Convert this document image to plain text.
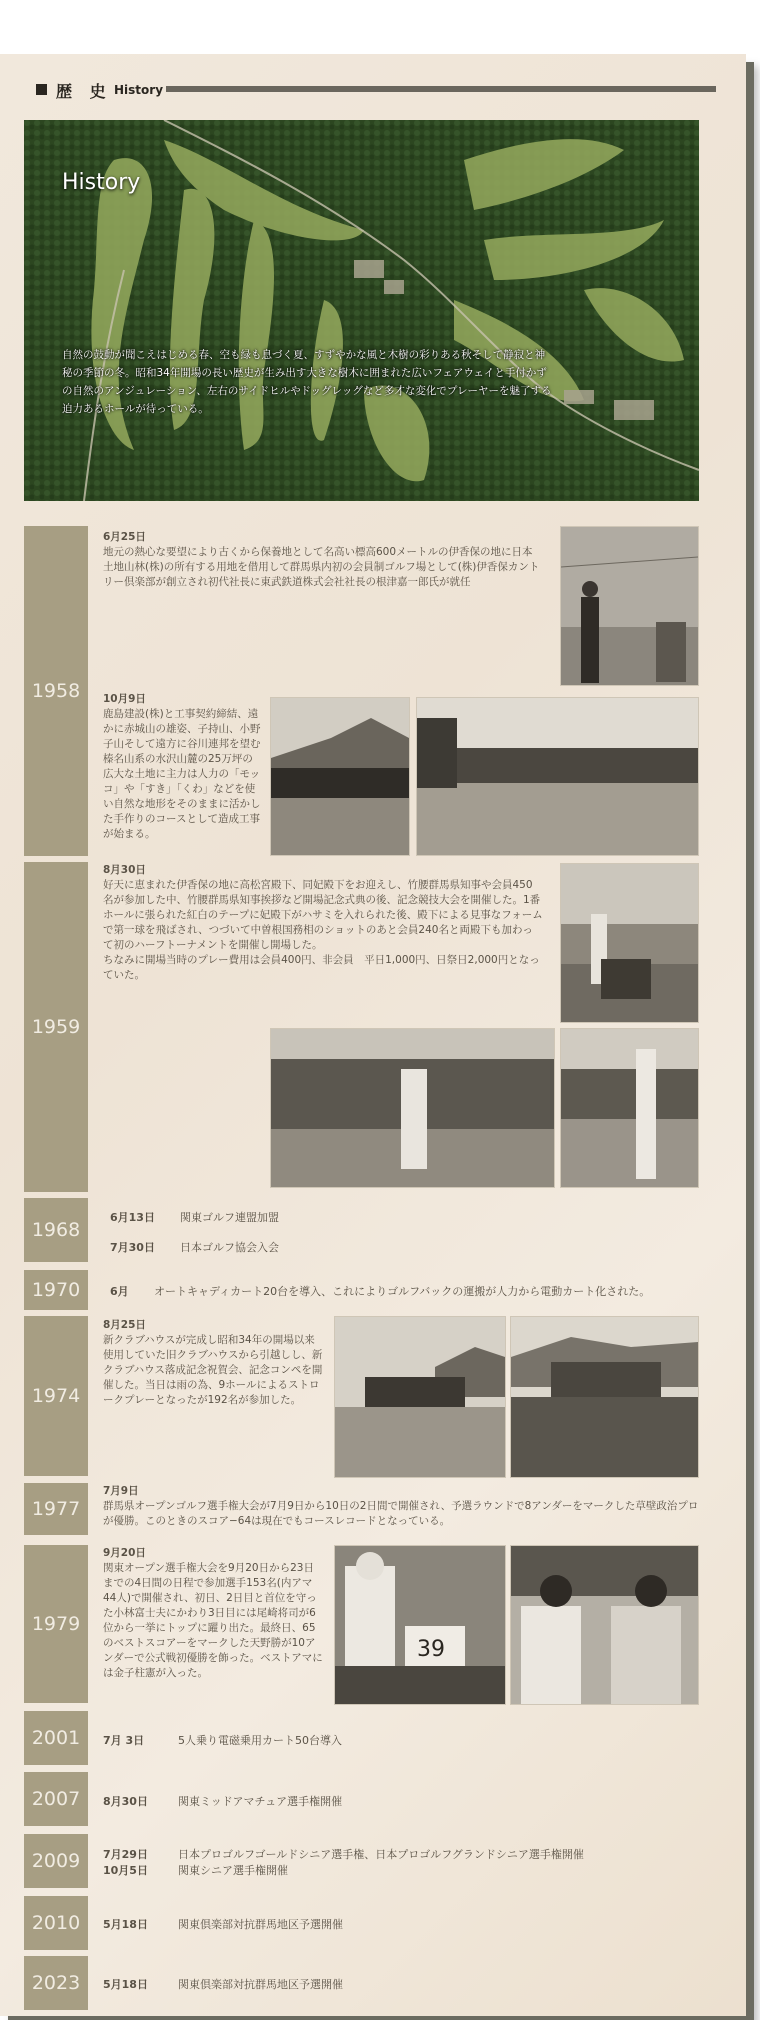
歴 史 History
History
自然の鼓動が聞こえはじめる春、空も緑も息づく夏、すずやかな風と木樹の彩りある秋そして静寂と神秘の季節の冬。昭和34年開場の長い歴史が生み出す大きな樹木に囲まれた広いフェアウェイと手付かずの自然のアンジュレーション、左右のサイドヒルやドッグレッグなど多才な変化でプレーヤーを魅了する迫力あるホールが待っている。
1958
6月25日
地元の熱心な要望により古くから保養地として名高い標高600メートルの伊香保の地に日本土地山林(株)の所有する用地を借用して群馬県内初の会員制ゴルフ場として(株)伊香保カントリー倶楽部が創立され初代社長に東武鉄道株式会社社長の根津嘉一郎氏が就任
10月9日
鹿島建設(株)と工事契約締結、遠かに赤城山の雄姿、子持山、小野子山そして遠方に谷川連邦を望む榛名山系の水沢山麓の25万坪の広大な土地に主力は人力の「モッコ」や「すき」「くわ」などを使い自然な地形をそのままに活かした手作りのコースとして造成工事が始まる。
1959
8月30日
好天に恵まれた伊香保の地に高松宮殿下、同妃殿下をお迎えし、竹腰群馬県知事や会員450名が参加した中、竹腰群馬県知事挨拶など開場記念式典の後、記念競技大会を開催した。1番ホールに張られた紅白のテープに妃殿下がハサミを入れられた後、殿下による見事なフォームで第一球を飛ばされ、つづいて中曽根国務相のショットのあと会員240名と両殿下も加わって初のハーフトーナメントを開催し開場した。
ちなみに開場当時のプレー費用は会員400円、非会員　平日1,000円、日祭日2,000円となっていた。
1968
6月13日 関東ゴルフ連盟加盟
7月30日 日本ゴルフ協会入会
1970	6月 オートキャディカート20台を導入、これによりゴルフバックの運搬が人力から電動カート化された。
1974
8月25日
新クラブハウスが完成し昭和34年の開場以来使用していた旧クラブハウスから引越しし、新クラブハウス落成記念祝賀会、記念コンペを開催した。当日は雨の為、9ホールによるストロークプレーとなったが192名が参加した。
1977
7月9日
群馬県オープンゴルフ選手権大会が7月9日から10日の2日間で開催され、予選ラウンドで8アンダーをマークした草壁政治プロが優勝。このときのスコア−64は現在でもコースレコードとなっている。
1979
9月20日
関東オープン選手権大会を9月20日から23日までの4日間の日程で参加選手153名(内アマ44人)で開催され、初日、2日目と首位を守った小林富士夫にかわり3日目には尾崎将司が6位から一挙にトップに躍り出た。最終日、65のベストスコアーをマークした天野勝が10アンダーで公式戦初優勝を飾った。ベストアマには金子柱憲が入った。
39
2001	7月 3日	5人乗り電磁乗用カート50台導入
2007	8月30日	関東ミッドアマチュア選手権開催
2009	7月29日	日本プロゴルフゴールドシニア選手権、日本プロゴルフグランドシニア選手権開催
10月5日	関東シニア選手権開催
2010	5月18日	関東倶楽部対抗群馬地区予選開催
2023	5月18日	関東倶楽部対抗群馬地区予選開催
